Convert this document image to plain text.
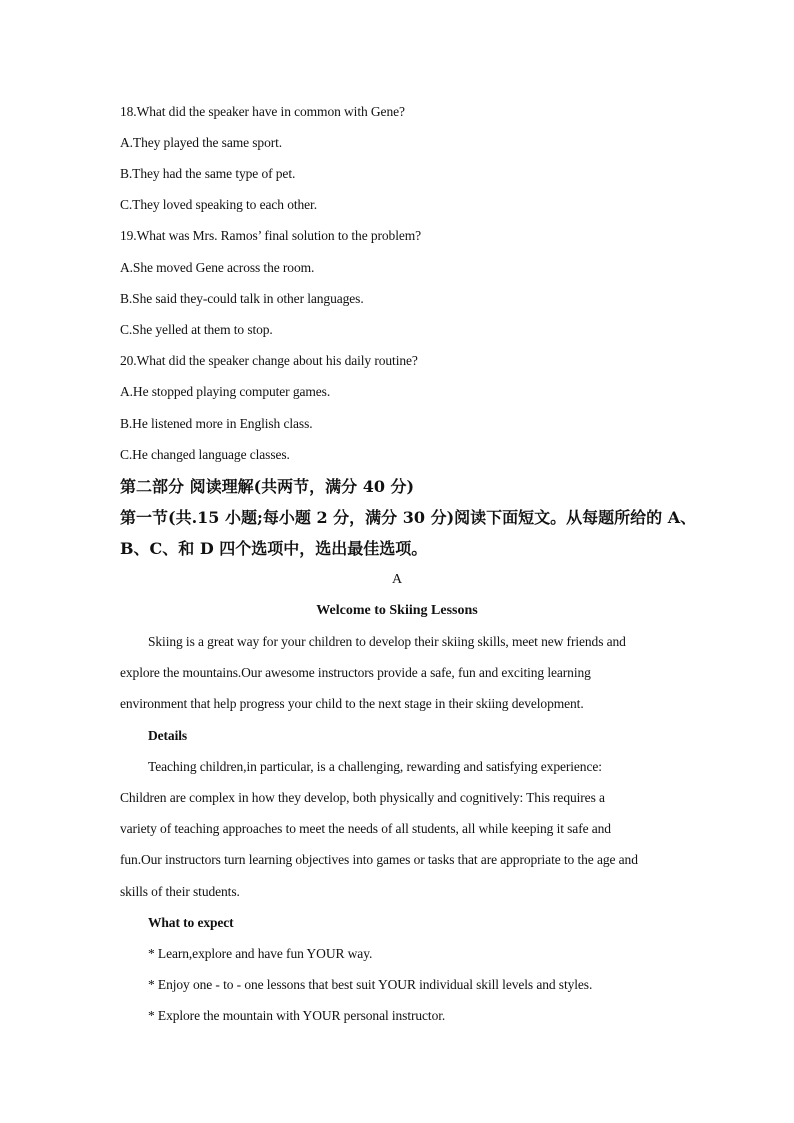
18.What did the speaker have in common with Gene?
A.They played the same sport.
B.They had the same type of pet.
C.They loved speaking to each other.
19.What was Mrs. Ramos’ final solution to the problem?
A.She moved Gene across the room.
B.She said they-could talk in other languages.
C.She yelled at them to stop.
20.What did the speaker change about his daily routine?
A.He stopped playing computer games.
B.He listened more in English class.
C.He changed language classes.
第二部分 阅读理解(共两节，满分 40 分)
第一节(共.15 小题;每小题 2 分，满分 30 分)阅读下面短文。从每题所给的 A、
B、C、和 D 四个选项中，选出最佳选项。
A
Welcome to Skiing Lessons
Skiing is a great way for your children to develop their skiing skills, meet new friends and
explore the mountains.Our awesome instructors provide a safe, fun and exciting learning
environment that help progress your child to the next stage in their skiing development.
Details
Teaching children,in particular, is a challenging, rewarding and satisfying experience:
Children are complex in how they develop, both physically and cognitively: This requires a
variety of teaching approaches to meet the needs of all students, all while keeping it safe and
fun.Our instructors turn learning objectives into games or tasks that are appropriate to the age and
skills of their students.
What to expect
* Learn,explore and have fun YOUR way.
* Enjoy one - to - one lessons that best suit YOUR individual skill levels and styles.
* Explore the mountain with YOUR personal instructor.
